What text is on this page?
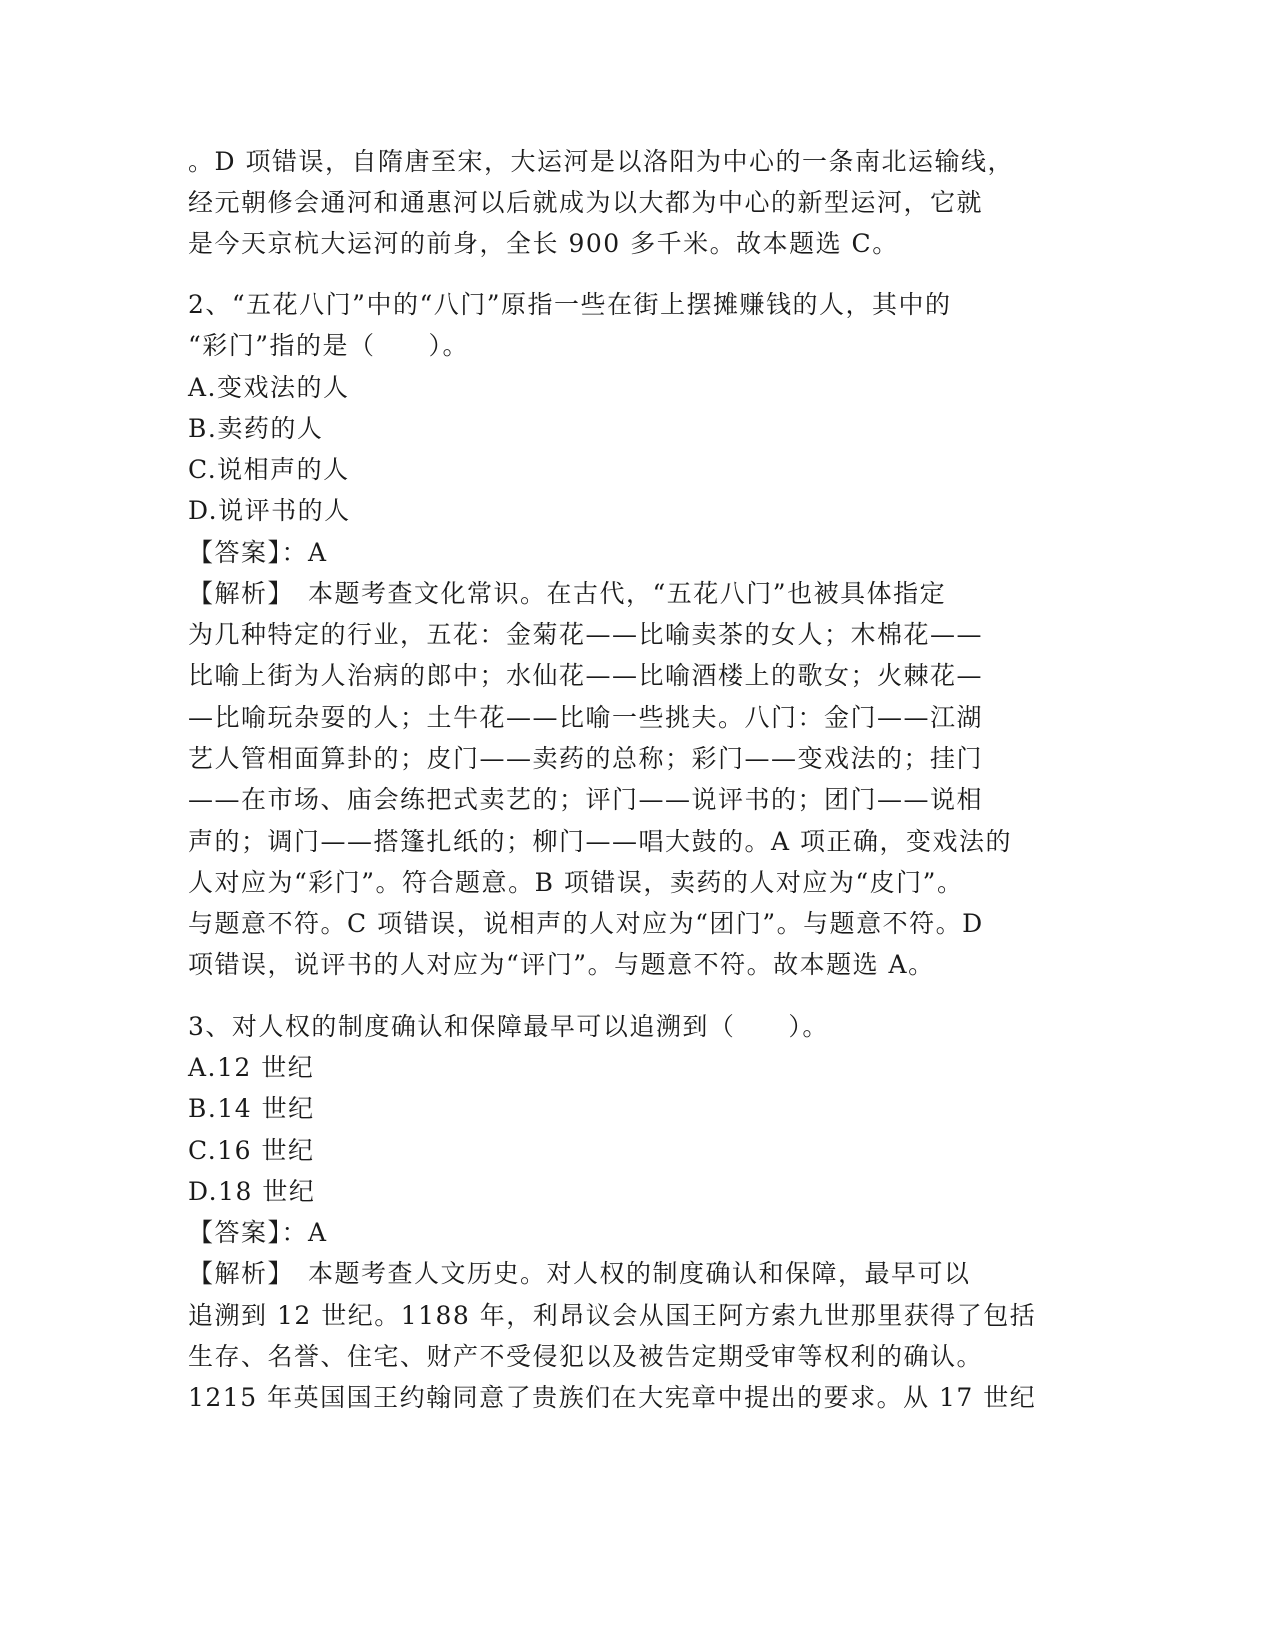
。D 项错误，自隋唐至宋，大运河是以洛阳为中心的一条南北运输线，
经元朝修会通河和通惠河以后就成为以大都为中心的新型运河，它就
是今天京杭大运河的前身，全长 900 多千米。故本题选 C。
2、“五花八门”中的“八门”原指一些在街上摆摊赚钱的人，其中的
“彩门”指的是（　　）。
A.变戏法的人
B.卖药的人
C.说相声的人
D.说评书的人
【答案】：A
【解析】　本题考查文化常识。在古代，“五花八门”也被具体指定
为几种特定的行业，五花：金菊花——比喻卖茶的女人；木棉花——
比喻上街为人治病的郎中；水仙花——比喻酒楼上的歌女；火棘花—
—比喻玩杂耍的人；土牛花——比喻一些挑夫。八门：金门——江湖
艺人管相面算卦的；皮门——卖药的总称；彩门——变戏法的；挂门
——在市场、庙会练把式卖艺的；评门——说评书的；团门——说相
声的；调门——搭篷扎纸的；柳门——唱大鼓的。A 项正确，变戏法的
人对应为“彩门”。符合题意。B 项错误，卖药的人对应为“皮门”。
与题意不符。C 项错误，说相声的人对应为“团门”。与题意不符。D
项错误，说评书的人对应为“评门”。与题意不符。故本题选 A。
3、对人权的制度确认和保障最早可以追溯到（　　）。
A.12 世纪
B.14 世纪
C.16 世纪
D.18 世纪
【答案】：A
【解析】　本题考查人文历史。对人权的制度确认和保障，最早可以
追溯到 12 世纪。1188 年，利昂议会从国王阿方索九世那里获得了包括
生存、名誉、住宅、财产不受侵犯以及被告定期受审等权利的确认。
1215 年英国国王约翰同意了贵族们在大宪章中提出的要求。从 17 世纪
